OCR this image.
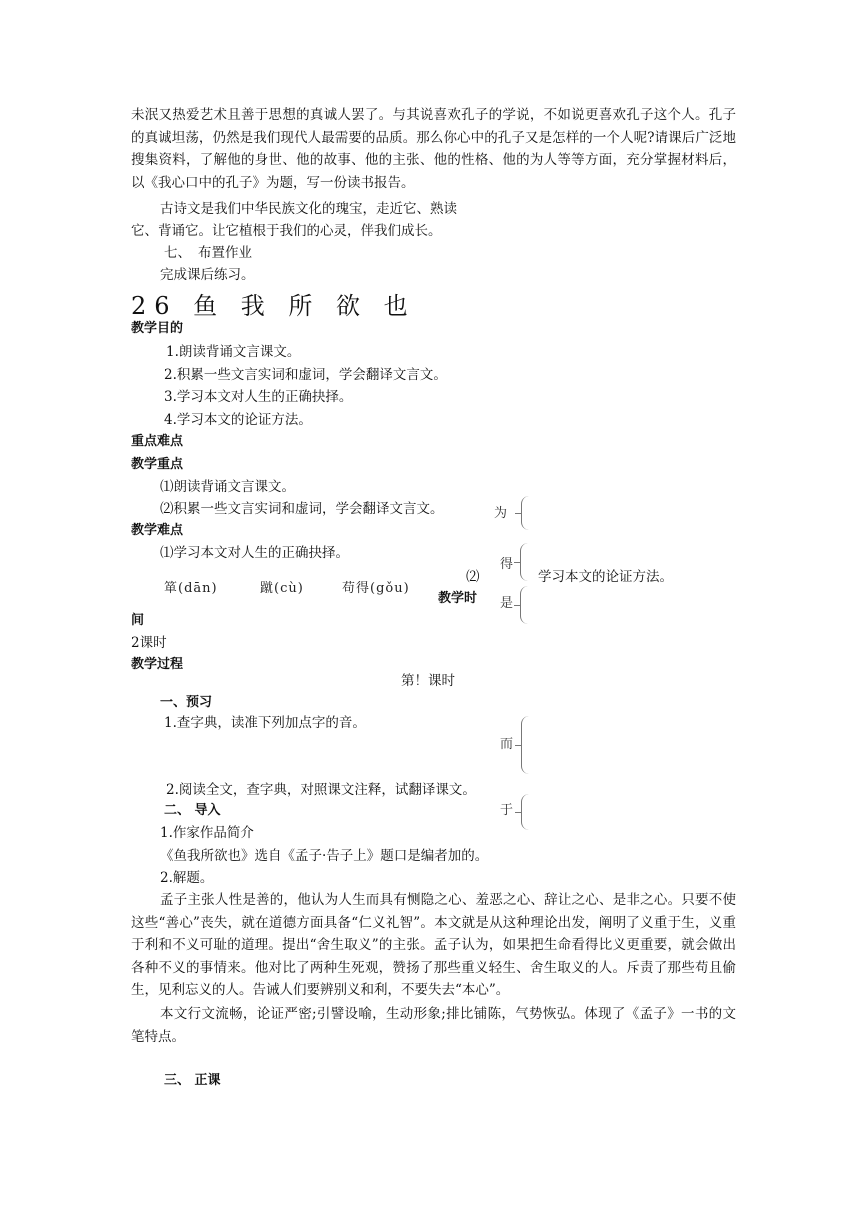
未泯又热爱艺术且善于思想的真诚人罢了。与其说喜欢孔子的学说，不如说更喜欢孔子这个人。孔子的真诚坦荡，仍然是我们现代人最需要的品质。那么你心中的孔子又是怎样的一个人呢?请课后广泛地搜集资料，了解他的身世、他的故事、他的主张、他的性格、他的为人等等方面，充分掌握材料后，以《我心口中的孔子》为题，写一份读书报告。
古诗文是我们中华民族文化的瑰宝，走近它、熟读
它、背诵它。让它植根于我们的心灵，伴我们成长。
七、 布置作业
完成课后练习。
26 鱼 我 所 欲 也
教学目的
1.朗读背诵文言课文。
2.积累一些文言实词和虚词，学会翻译文言文。
3.学习本文对人生的正确抉择。
4.学习本文的论证方法。
重点难点
教学重点
⑴朗读背诵文言课文。
⑵积累一些文言实词和虚词，学会翻译文言文。
教学难点
⑴学习本文对人生的正确抉择。
箪(dān)	蹴(cù)	苟得(gǒu)
⑵
教学时
学习本文的论证方法。
为
得
是
间
2课时
教学过程
第！课时
一、预习
1.查字典，读准下列加点字的音。
而
2.阅读全文，查字典，对照课文注释，试翻译课文。
于
二、 导入
1.作家作品简介
《鱼我所欲也》选自《孟子·告子上》题口是编者加的。
2.解题。
孟子主张人性是善的，他认为人生而具有恻隐之心、羞恶之心、辞让之心、是非之心。只要不使这些“善心”丧失，就在道德方面具备“仁义礼智”。本文就是从这种理论出发，阐明了义重于生，义重于利和不义可耻的道理。提出“舍生取义”的主张。孟子认为，如果把生命看得比义更重要，就会做出各种不义的事情来。他对比了两种生死观，赞扬了那些重义轻生、舍生取义的人。斥责了那些苟且偷生，见利忘义的人。告诫人们要辨别义和利，不要失去“本心”。
本文行文流畅，论证严密;引譬设喻，生动形象;排比铺陈，气势恢弘。体现了《孟子》一书的文笔特点。
三、 正课
